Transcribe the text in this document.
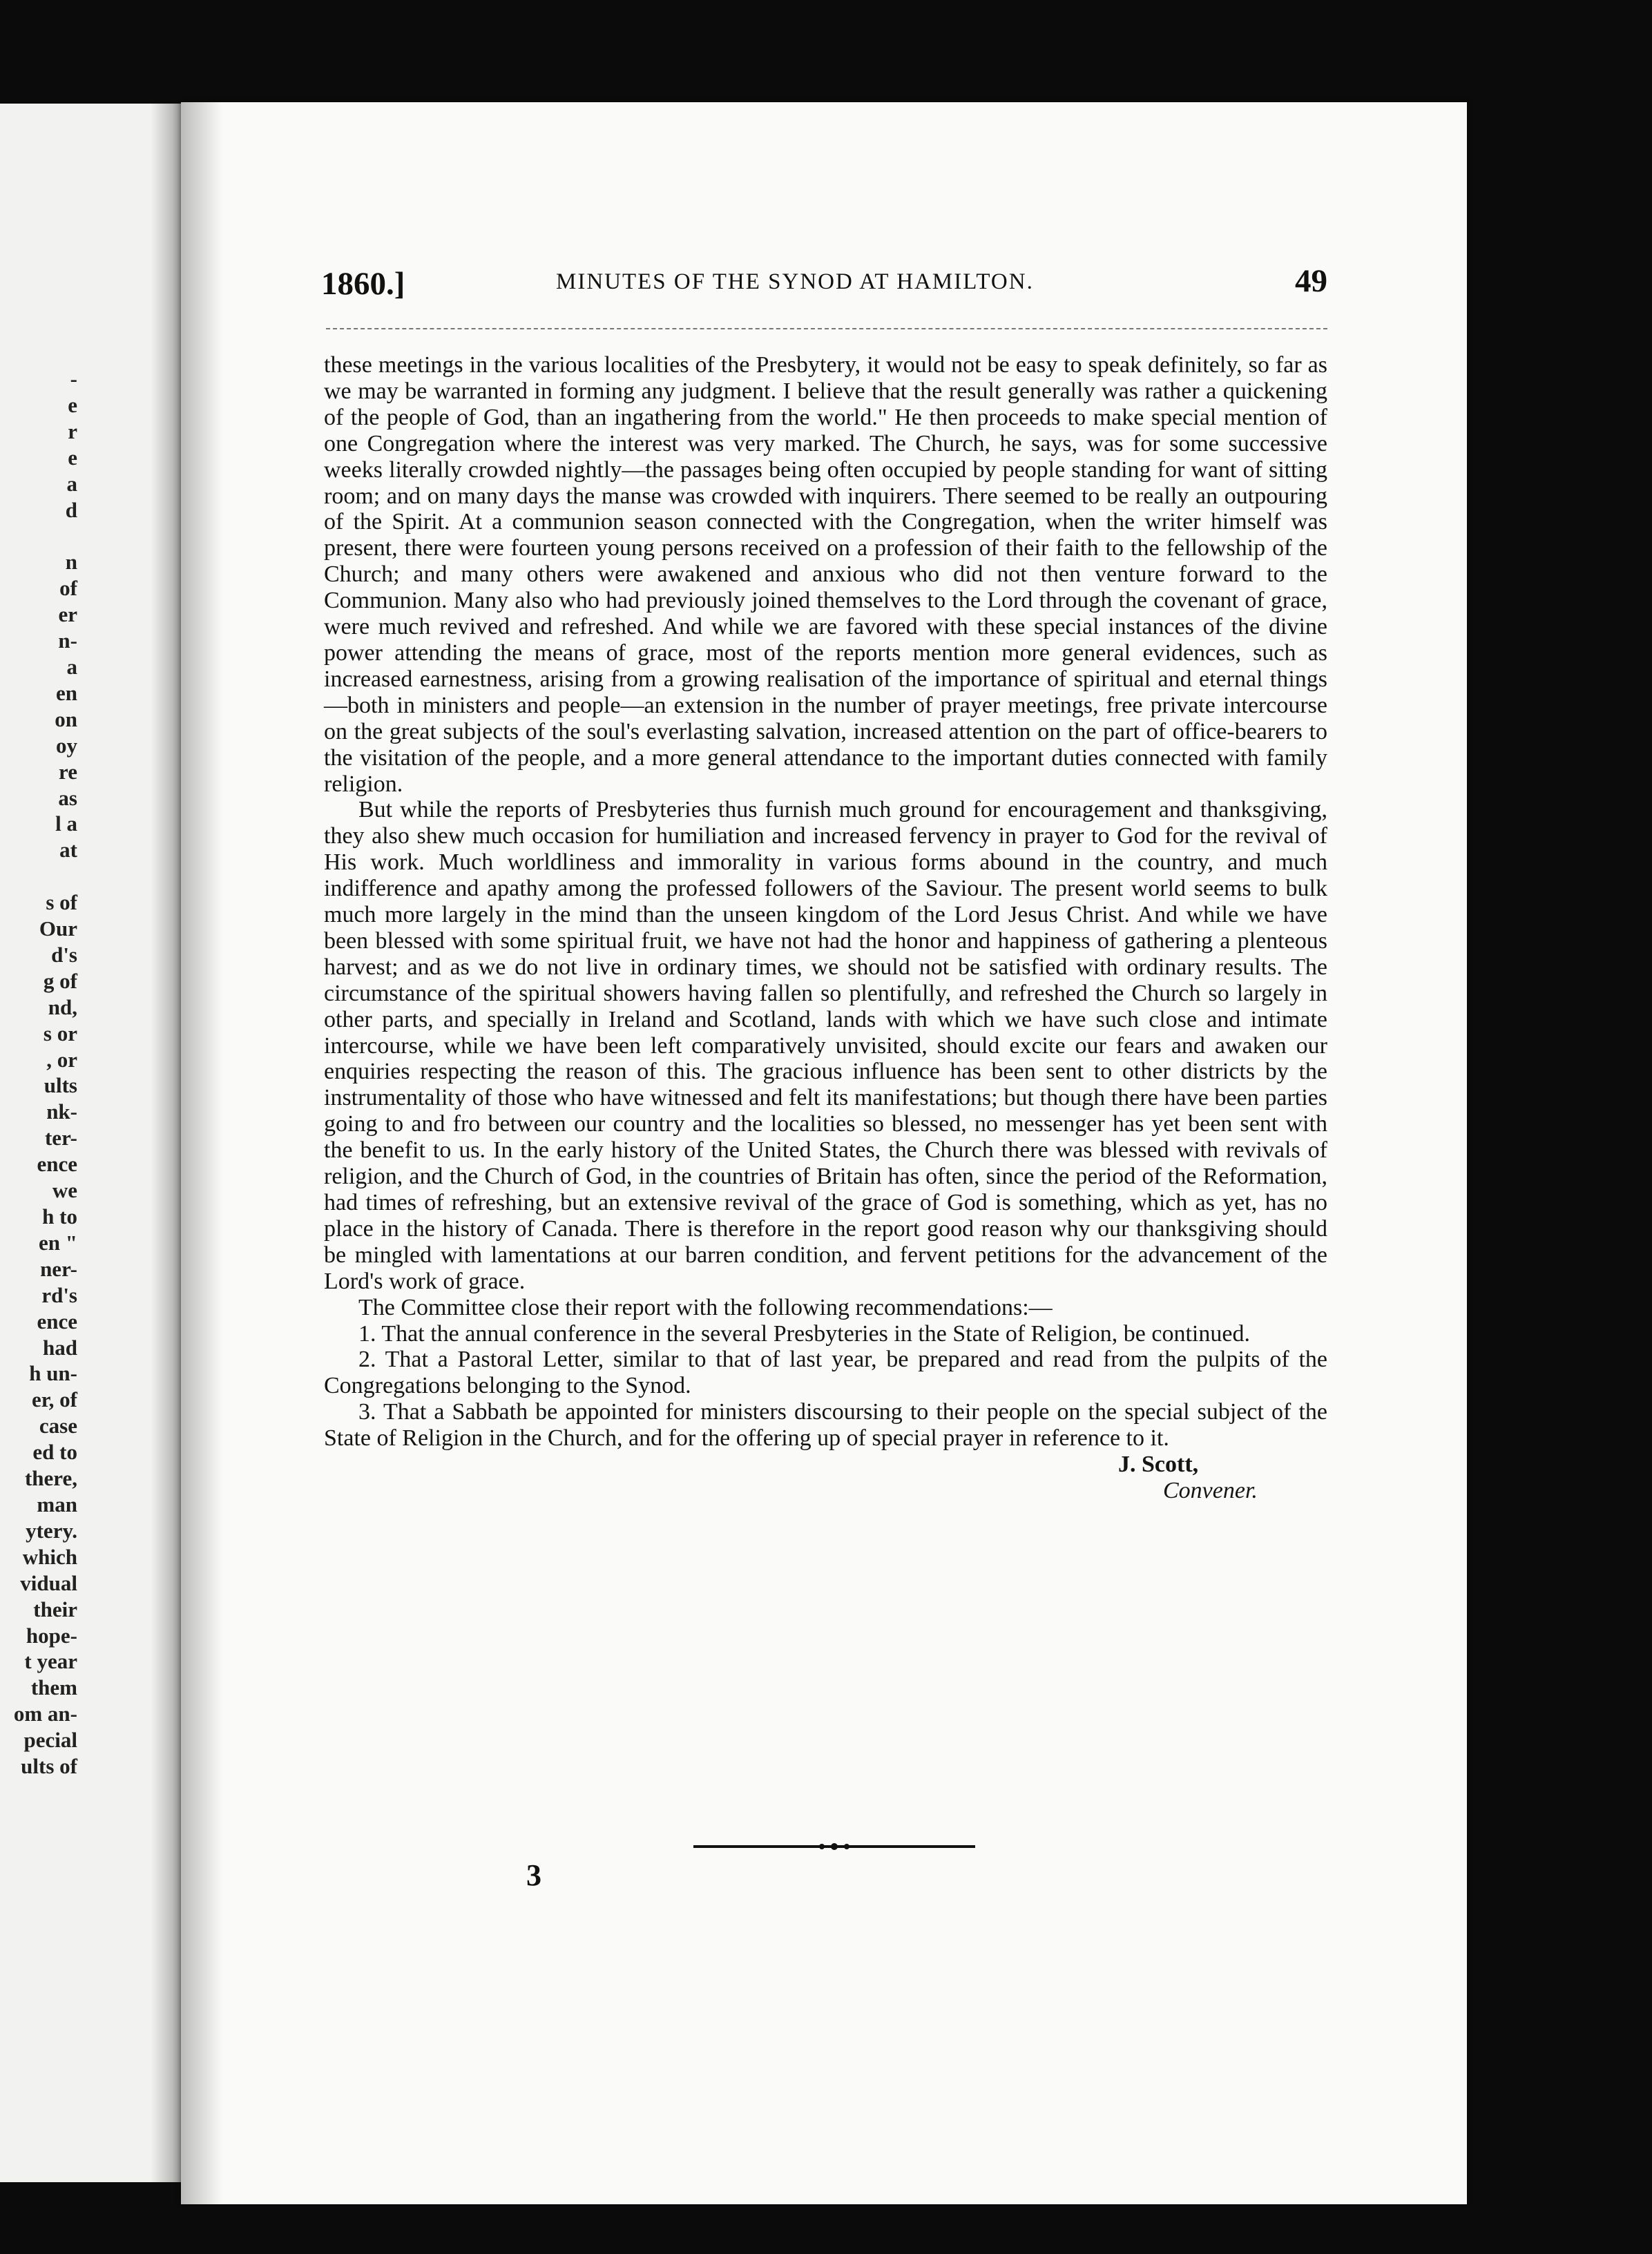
-
e
r
e
a
d

n
of
er
n-
a
en
on
oy
re
as
l a
at

s of
Our
d's
g of
nd,
s or
, or
ults
nk-
ter-
ence
we
h to
en "
ner-
rd's
ence
had
h un-
er, of
case
ed to
there,
man
ytery.
which
vidual
their
hope-
t year
them
om an-
pecial
ults of
1860.]	MINUTES OF THE SYNOD AT HAMILTON.	49

these meetings in the various localities of the Presbytery, it would not be easy to speak definitely, so far as we may be warranted in forming any judgment. I believe that the result generally was rather a quickening of the people of God, than an ingathering from the world." He then proceeds to make special mention of one Congregation where the interest was very marked. The Church, he says, was for some successive weeks literally crowded nightly—the passages being often occupied by people standing for want of sitting room; and on many days the manse was crowded with inquirers. There seemed to be really an outpouring of the Spirit. At a communion season connected with the Congregation, when the writer himself was present, there were fourteen young persons received on a profession of their faith to the fellowship of the Church; and many others were awakened and anxious who did not then venture forward to the Communion. Many also who had previously joined themselves to the Lord through the covenant of grace, were much revived and refreshed. And while we are favored with these special instances of the divine power attending the means of grace, most of the reports mention more general evidences, such as increased earnestness, arising from a growing realisation of the importance of spiritual and eternal things—both in ministers and people—an extension in the number of prayer meetings, free private intercourse on the great subjects of the soul's everlasting salvation, increased attention on the part of office-bearers to the visitation of the people, and a more general attendance to the important duties connected with family religion.

But while the reports of Presbyteries thus furnish much ground for encouragement and thanksgiving, they also shew much occasion for humiliation and increased fervency in prayer to God for the revival of His work. Much worldliness and immorality in various forms abound in the country, and much indifference and apathy among the professed followers of the Saviour. The present world seems to bulk much more largely in the mind than the unseen kingdom of the Lord Jesus Christ. And while we have been blessed with some spiritual fruit, we have not had the honor and happiness of gathering a plenteous harvest; and as we do not live in ordinary times, we should not be satisfied with ordinary results. The circumstance of the spiritual showers having fallen so plentifully, and refreshed the Church so largely in other parts, and specially in Ireland and Scotland, lands with which we have such close and intimate intercourse, while we have been left comparatively unvisited, should excite our fears and awaken our enquiries respecting the reason of this. The gracious influence has been sent to other districts by the instrumentality of those who have witnessed and felt its manifestations; but though there have been parties going to and fro between our country and the localities so blessed, no messenger has yet been sent with the benefit to us. In the early history of the United States, the Church there was blessed with revivals of religion, and the Church of God, in the countries of Britain has often, since the period of the Reformation, had times of refreshing, but an extensive revival of the grace of God is something, which as yet, has no place in the history of Canada. There is therefore in the report good reason why our thanksgiving should be mingled with lamentations at our barren condition, and fervent petitions for the advancement of the Lord's work of grace.

The Committee close their report with the following recommendations:—

1. That the annual conference in the several Presbyteries in the State of Religion, be continued.

2. That a Pastoral Letter, similar to that of last year, be prepared and read from the pulpits of the Congregations belonging to the Synod.

3. That a Sabbath be appointed for ministers discoursing to their people on the special subject of the State of Religion in the Church, and for the offering up of special prayer in reference to it.

J. Scott,
Convener.
3
